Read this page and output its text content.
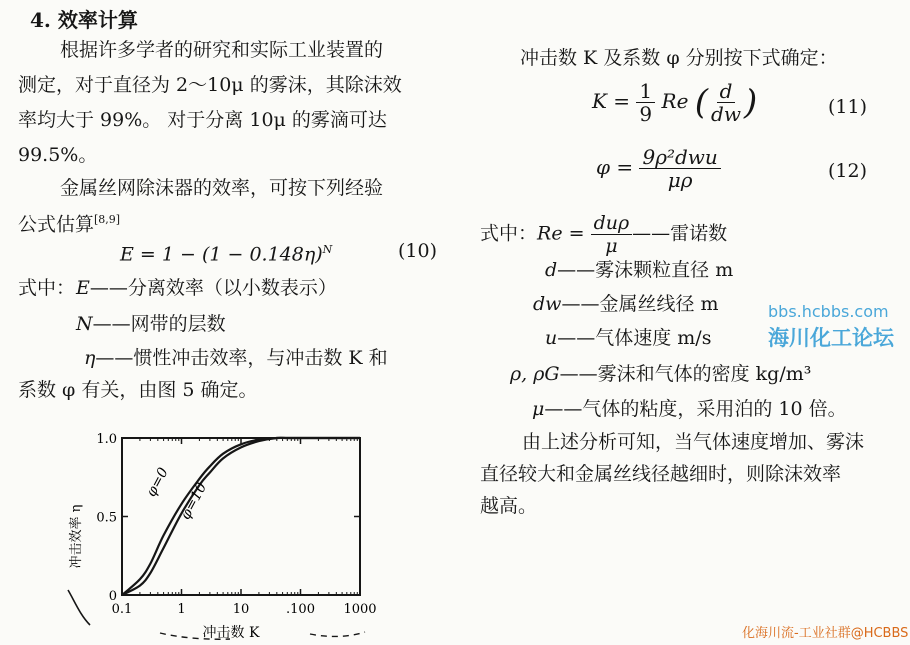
4. 效率计算
根据许多学者的研究和实际工业装置的
测定，对于直径为 2～10μ 的雾沫，其除沫效
率均大于 99%。 对于分离 10μ 的雾滴可达
99.5%。
金属丝网除沫器的效率，可按下列经验
公式估算[8,9]
$E = 1 - (1 - 0.148\eta)^N$	(10)
式中： E——分离效率（以小数表示）
N——网带的层数
η——惯性冲击效率，与冲击数 K 和
系数 φ 有关，由图 5 确定。
0.1	1	10	.100 1000
0
0.5
1.0
φ=0 φ=10
冲击数 K
冲击效率 η
冲击数 K 及系数 φ 分别按下式确定：
$K = \frac{1}{9}$ Re ( $\frac{d}{dw}$ )	(11)
$\varphi = \frac{\text{9ρ²dwu}}{\mu\rho}$	(12)
式中：$Re = \frac{\text{duρ}}{\mu}$ ——雷诺数
d——雾沫颗粒直径 m
dw——金属丝线径 m
u——气体速度 m/s
ρ, ρG——雾沫和气体的密度 kg/m³
μ——气体的粘度，采用泊的 10 倍。
由上述分析可知，当气体速度增加、雾沫
直径较大和金属丝线径越细时，则除沫效率
越高。
bbs.hcbbs.com
海川化工论坛
化海川流-工业社群@HCBBS
